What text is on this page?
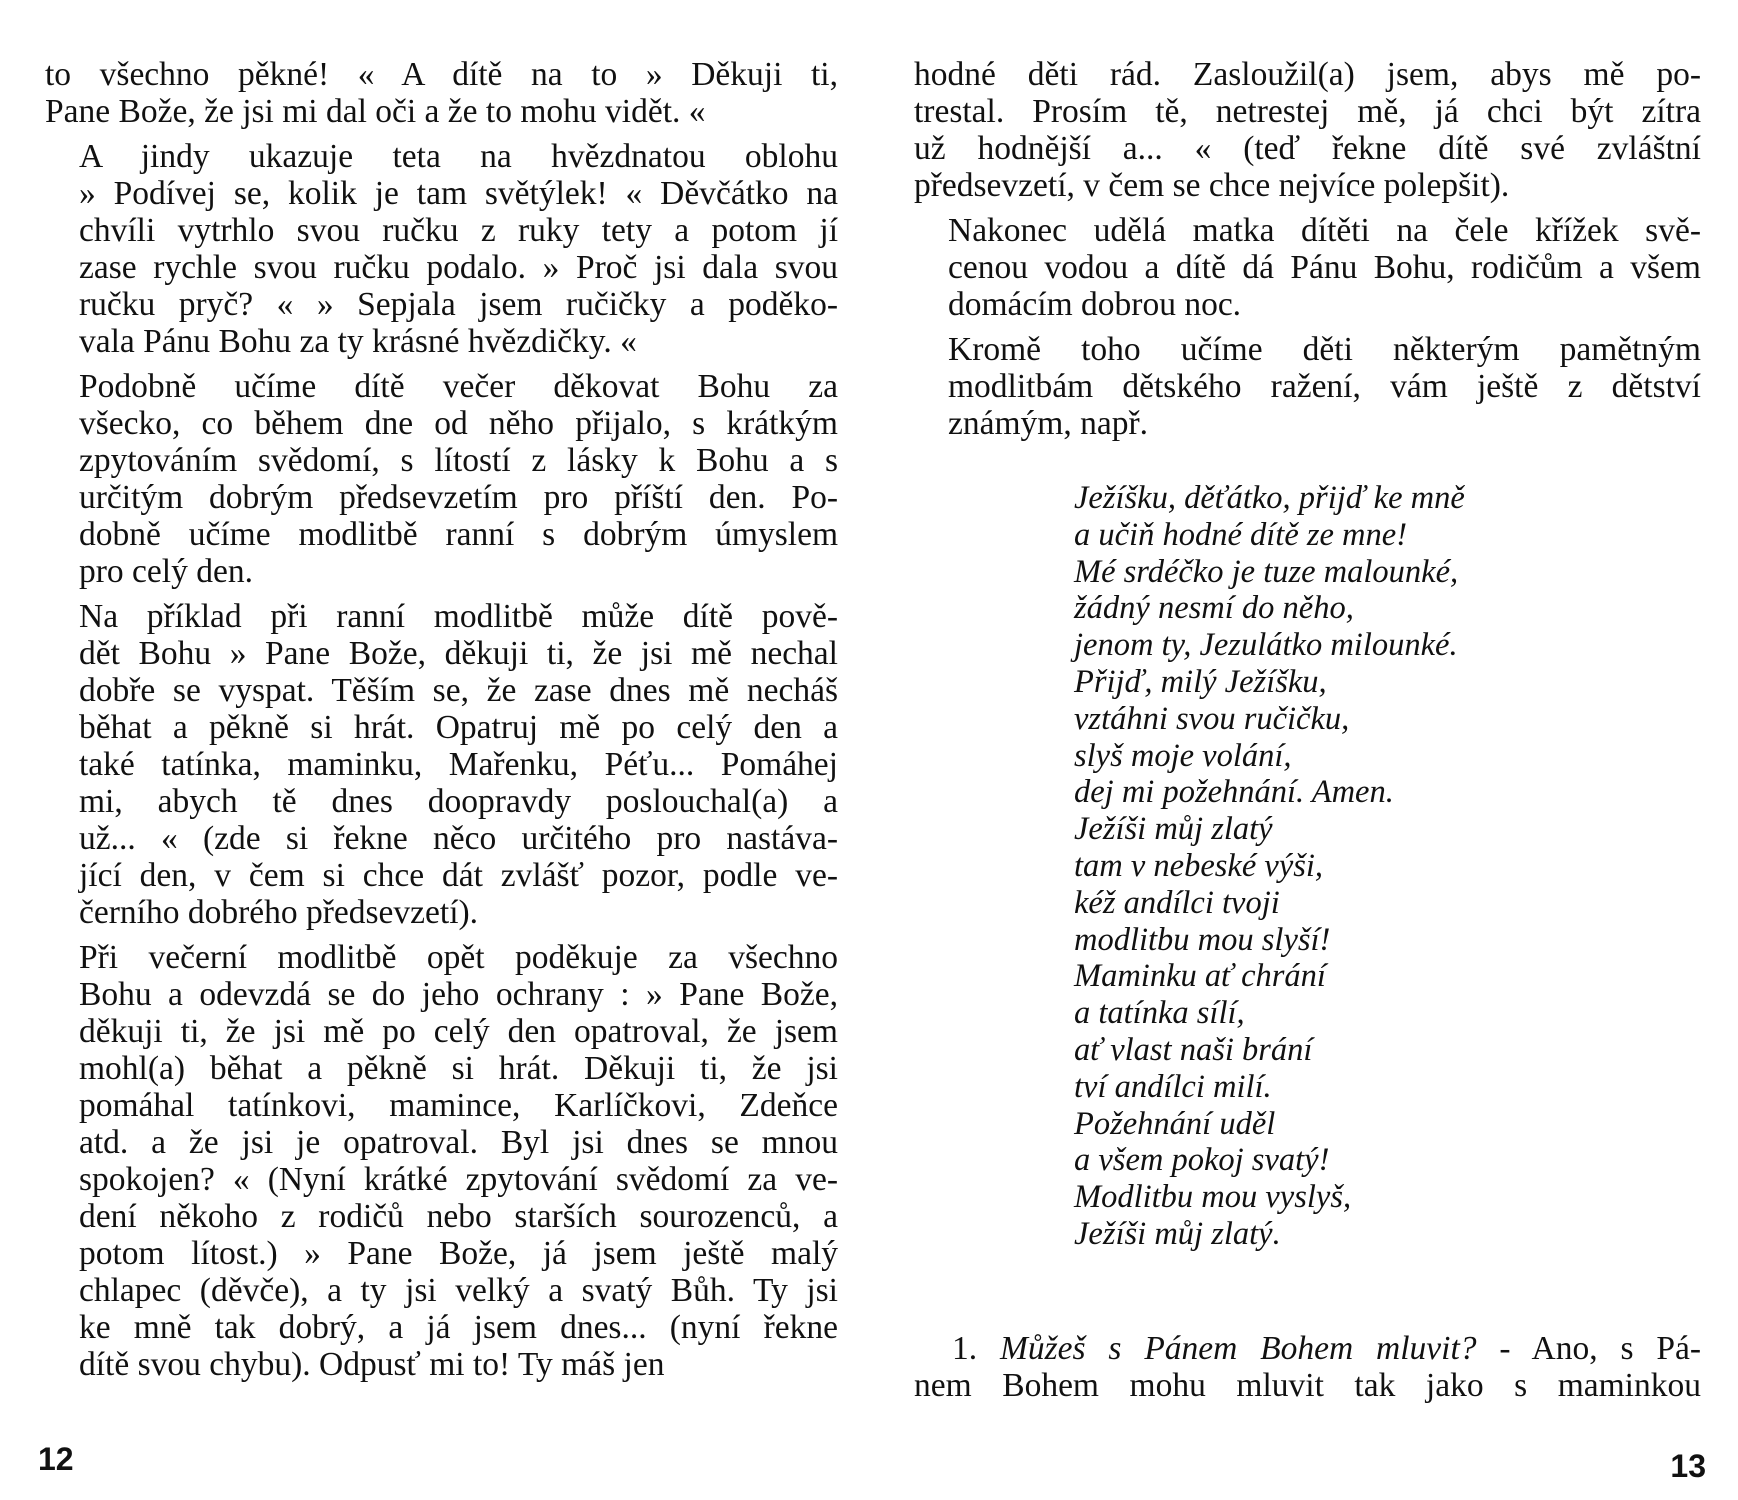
to všechno pěkné! « A dítě na to » Děkuji ti,
Pane Bože, že jsi mi dal oči a že to mohu vidět. «

A jindy ukazuje teta na hvězdnatou oblohu
» Podívej se, kolik je tam světýlek! « Děvčátko na
chvíli vytrhlo svou ručku z ruky tety a potom jí
zase rychle svou ručku podalo. » Proč jsi dala svou
ručku pryč? « » Sepjala jsem ručičky a poděko-
vala Pánu Bohu za ty krásné hvězdičky. «

Podobně učíme dítě večer děkovat Bohu za
všecko, co během dne od něho přijalo, s krátkým
zpytováním svědomí, s lítostí z lásky k Bohu a s
určitým dobrým předsevzetím pro příští den. Po-
dobně učíme modlitbě ranní s dobrým úmyslem
pro celý den.

Na příklad při ranní modlitbě může dítě pově-
dět Bohu » Pane Bože, děkuji ti, že jsi mě nechal
dobře se vyspat. Těším se, že zase dnes mě necháš
běhat a pěkně si hrát. Opatruj mě po celý den a
také tatínka, maminku, Mařenku, Péťu... Pomáhej
mi, abych tě dnes doopravdy poslouchal(a) a
už... « (zde si řekne něco určitého pro nastáva-
jící den, v čem si chce dát zvlášť pozor, podle ve-
černího dobrého předsevzetí).

Při večerní modlitbě opět poděkuje za všechno
Bohu a odevzdá se do jeho ochrany : » Pane Bože,
děkuji ti, že jsi mě po celý den opatroval, že jsem
mohl(a) běhat a pěkně si hrát. Děkuji ti, že jsi
pomáhal tatínkovi, mamince, Karlíčkovi, Zdeňce
atd. a že jsi je opatroval. Byl jsi dnes se mnou
spokojen? « (Nyní krátké zpytování svědomí za ve-
dení někoho z rodičů nebo starších sourozenců, a
potom lítost.) » Pane Bože, já jsem ještě malý
chlapec (děvče), a ty jsi velký a svatý Bůh. Ty jsi
ke mně tak dobrý, a já jsem dnes... (nyní řekne
dítě svou chybu). Odpusť mi to! Ty máš jen

12

hodné děti rád. Zasloužil(a) jsem, abys mě po-
trestal. Prosím tě, netrestej mě, já chci být zítra
už hodnější a... « (teď řekne dítě své zvláštní
předsevzetí, v čem se chce nejvíce polepšit).

Nakonec udělá matka dítěti na čele křížek svě-
cenou vodou a dítě dá Pánu Bohu, rodičům a všem
domácím dobrou noc.

Kromě toho učíme děti některým pamětným
modlitbám dětského ražení, vám ještě z dětství
známým, např.

Ježíšku, děťátko, přijď ke mně
a učiň hodné dítě ze mne!
Mé srdéčko je tuze malounké,
žádný nesmí do něho,
jenom ty, Jezulátko milounké.
Přijď, milý Ježíšku,
vztáhni svou ručičku,
slyš moje volání,
dej mi požehnání. Amen.
Ježíši můj zlatý
tam v nebeské výši,
kéž andílci tvoji
modlitbu mou slyší!
Maminku ať chrání
a tatínka sílí,
ať vlast naši brání
tví andílci milí.
Požehnání uděl
a všem pokoj svatý!
Modlitbu mou vyslyš,
Ježíši můj zlatý.
1. Můžeš s Pánem Bohem mluvit? - Ano, s Pá-
nem Bohem mohu mluvit tak jako s maminkou
13
